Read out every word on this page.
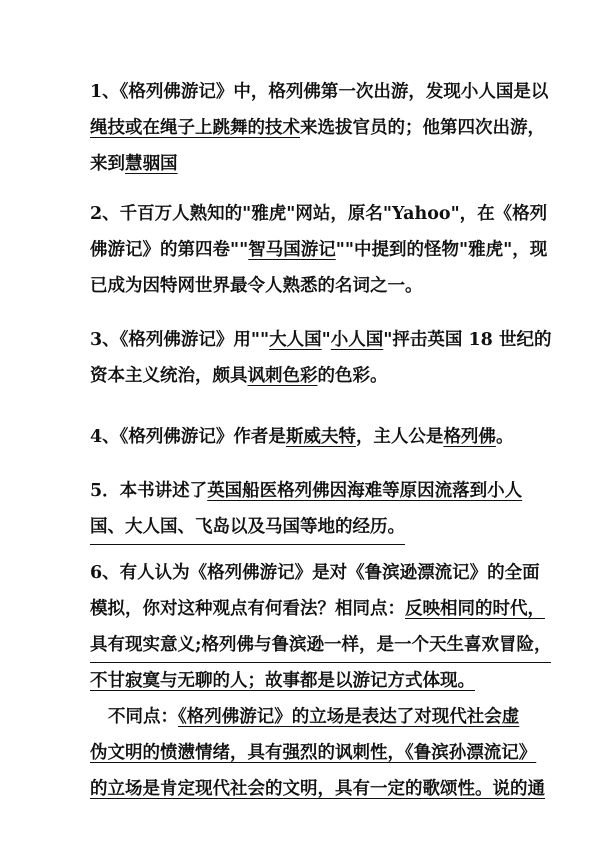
1、《格列佛游记》中，格列佛第一次出游，发现小人国是以
绳技或在绳子上跳舞的技术来选拔官员的；他第四次出游，
来到慧骃国
2、千百万人熟知的"雅虎"网站，原名"Yahoo"，在《格列
佛游记》的第四卷""智马国游记""中提到的怪物"雅虎"，现
已成为因特网世界最令人熟悉的名词之一。
3、《格列佛游记》用""大人国"小人国"抨击英国 18 世纪的
资本主义统治，颇具讽刺色彩的色彩。
4、《格列佛游记》作者是斯威夫特，主人公是格列佛。
5．本书讲述了英国船医格列佛因海难等原因流落到小人
国、大人国、飞岛以及马国等地的经历。
6、有人认为《格列佛游记》是对《鲁滨逊漂流记》的全面
模拟，你对这种观点有何看法？相同点：反映相同的时代，
具有现实意义;格列佛与鲁滨逊一样，是一个天生喜欢冒险，
不甘寂寞与无聊的人；故事都是以游记方式体现。
不同点：《格列佛游记》的立场是表达了对现代社会虚
伪文明的愤懑情绪，具有强烈的讽刺性，《鲁滨孙漂流记》
的立场是肯定现代社会的文明，具有一定的歌颂性。说的通
